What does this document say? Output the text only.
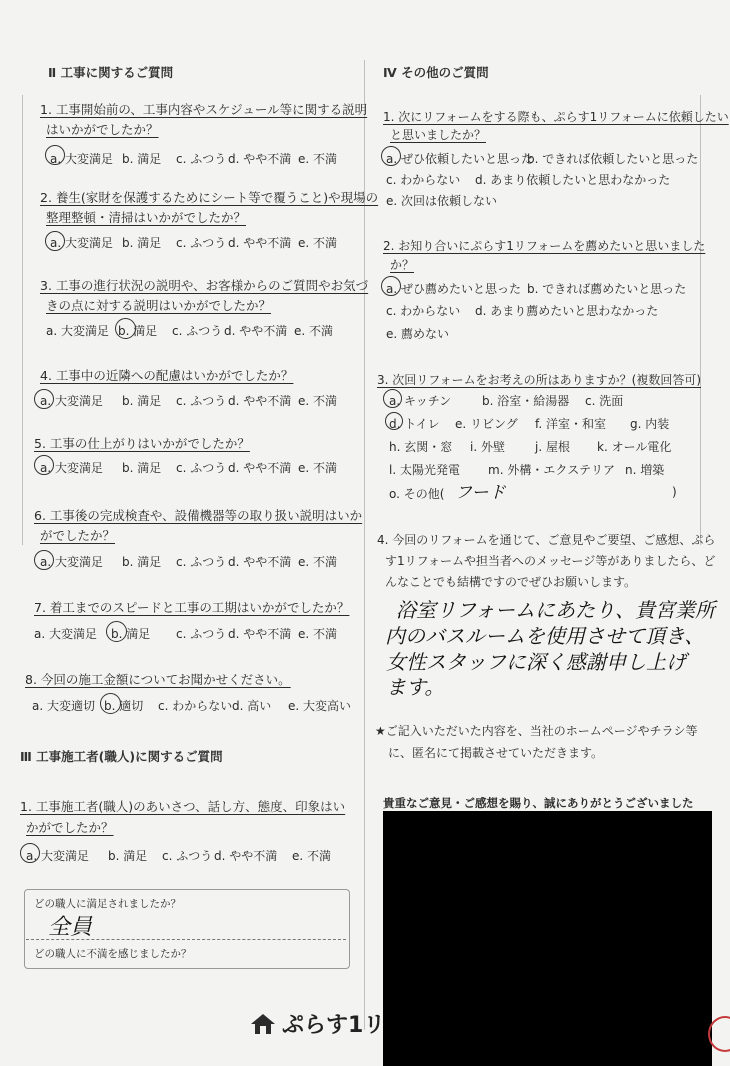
Ⅱ 工事に関するご質問
1. 工事開始前の、工事内容やスケジュール等に関する説明
はいかがでしたか？
a. 大変満足 b. 満足 c. ふつう d. やや不満 e. 不満
2. 養生(家財を保護するためにシート等で覆うこと)や現場の
整理整頓・清掃はいかがでしたか？
a. 大変満足 b. 満足 c. ふつう d. やや不満 e. 不満
3. 工事の進行状況の説明や、お客様からのご質問やお気づ
きの点に対する説明はいかがでしたか？
a. 大変満足 b. 満足 c. ふつう d. やや不満 e. 不満
4. 工事中の近隣への配慮はいかがでしたか？
a. 大変満足 b. 満足 c. ふつう d. やや不満 e. 不満
5. 工事の仕上がりはいかがでしたか？
a. 大変満足 b. 満足 c. ふつう d. やや不満 e. 不満
6. 工事後の完成検査や、設備機器等の取り扱い説明はいか
がでしたか？
a. 大変満足 b. 満足 c. ふつう d. やや不満 e. 不満
7. 着工までのスピードと工事の工期はいかがでしたか？
a. 大変満足 b. 満足 c. ふつう d. やや不満 e. 不満
8. 今回の施工金額についてお聞かせください。
a. 大変適切 b. 適切 c. わからない d. 高い e. 大変高い
Ⅲ 工事施工者(職人)に関するご質問
1. 工事施工者(職人)のあいさつ、話し方、態度、印象はい
かがでしたか？
a. 大変満足 b. 満足 c. ふつう d. やや不満 e. 不満
どの職人に満足されましたか？
全員
どの職人に不満を感じましたか？
Ⅳ その他のご質問
1. 次にリフォームをする際も、ぷらす1リフォームに依頼したい
と思いましたか？
a. ぜひ依頼したいと思った
b. できれば依頼したいと思った
c. わからない d. あまり依頼したいと思わなかった
e. 次回は依頼しない
2. お知り合いにぷらす1リフォームを薦めたいと思いました
か？
a. ぜひ薦めたいと思った b. できれば薦めたいと思った
c. わからない d. あまり薦めたいと思わなかった
e. 薦めない
3. 次回リフォームをお考えの所はありますか？(複数回答可)
a. キッチン	b. 浴室・給湯器 c. 洗面
d. トイレ e. リビング f. 洋室・和室 g. 内装
h. 玄関・窓 i. 外壁	j. 屋根 k. オール電化
l. 太陽光発電 m. 外構・エクステリア n. 増築
o. その他( フード	)
4. 今回のリフォームを通じて、ご意見やご要望、ご感想、ぷら
す1リフォームや担当者へのメッセージ等がありましたら、ど
んなことでも結構ですのでぜひお願いします。
浴室リフォームにあたり、貴宮業所
内のバスルームを使用させて頂き、
女性スタッフに深く感謝申し上げ
ます。
★ご記入いただいた内容を、当社のホームページやチラシ等
に、匿名にて掲載させていただきます。
貴重なご意見・ご感想を賜り、誠にありがとうございました
ぷらす1リ
